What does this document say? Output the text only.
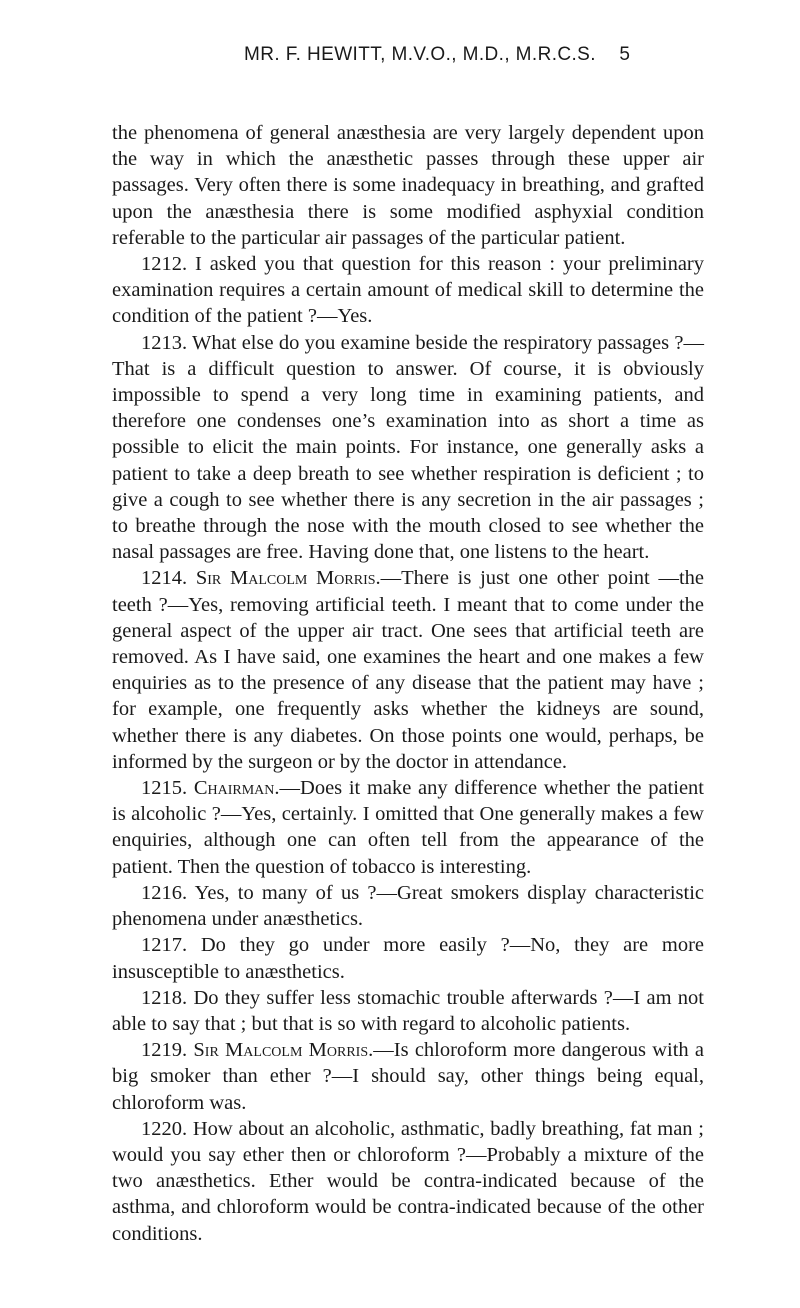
MR. F. HEWITT, M.V.O., M.D., M.R.C.S.	5

the phenomena of general anæsthesia are very largely dependent upon the way in which the anæsthetic passes through these upper air passages. Very often there is some inadequacy in breathing, and grafted upon the anæsthesia there is some modified asphyxial condition referable to the particular air passages of the particular patient.

1212. I asked you that question for this reason : your preliminary examination requires a certain amount of medical skill to determine the condition of the patient ?—Yes.

1213. What else do you examine beside the respiratory passages ?—That is a difficult question to answer. Of course, it is obviously impossible to spend a very long time in examining patients, and therefore one condenses one’s examination into as short a time as possible to elicit the main points. For instance, one generally asks a patient to take a deep breath to see whether respiration is deficient ; to give a cough to see whether there is any secretion in the air passages ; to breathe through the nose with the mouth closed to see whether the nasal passages are free. Having done that, one listens to the heart.

1214. Sir Malcolm Morris.—There is just one other point —the teeth ?—Yes, removing artificial teeth. I meant that to come under the general aspect of the upper air tract. One sees that artificial teeth are removed. As I have said, one examines the heart and one makes a few enquiries as to the presence of any disease that the patient may have ; for example, one frequently asks whether the kidneys are sound, whether there is any diabetes. On those points one would, perhaps, be informed by the surgeon or by the doctor in attendance.

1215. Chairman.—Does it make any difference whether the patient is alcoholic ?—Yes, certainly. I omitted that One generally makes a few enquiries, although one can often tell from the appearance of the patient. Then the question of tobacco is interesting.

1216. Yes, to many of us ?—Great smokers display characteristic phenomena under anæsthetics.

1217. Do they go under more easily ?—No, they are more insusceptible to anæsthetics.

1218. Do they suffer less stomachic trouble afterwards ?—I am not able to say that ; but that is so with regard to alcoholic patients.

1219. Sir Malcolm Morris.—Is chloroform more dangerous with a big smoker than ether ?—I should say, other things being equal, chloroform was.

1220. How about an alcoholic, asthmatic, badly breathing, fat man ; would you say ether then or chloroform ?—Probably a mixture of the two anæsthetics. Ether would be contra-indicated because of the asthma, and chloroform would be contra-indicated because of the other conditions.
